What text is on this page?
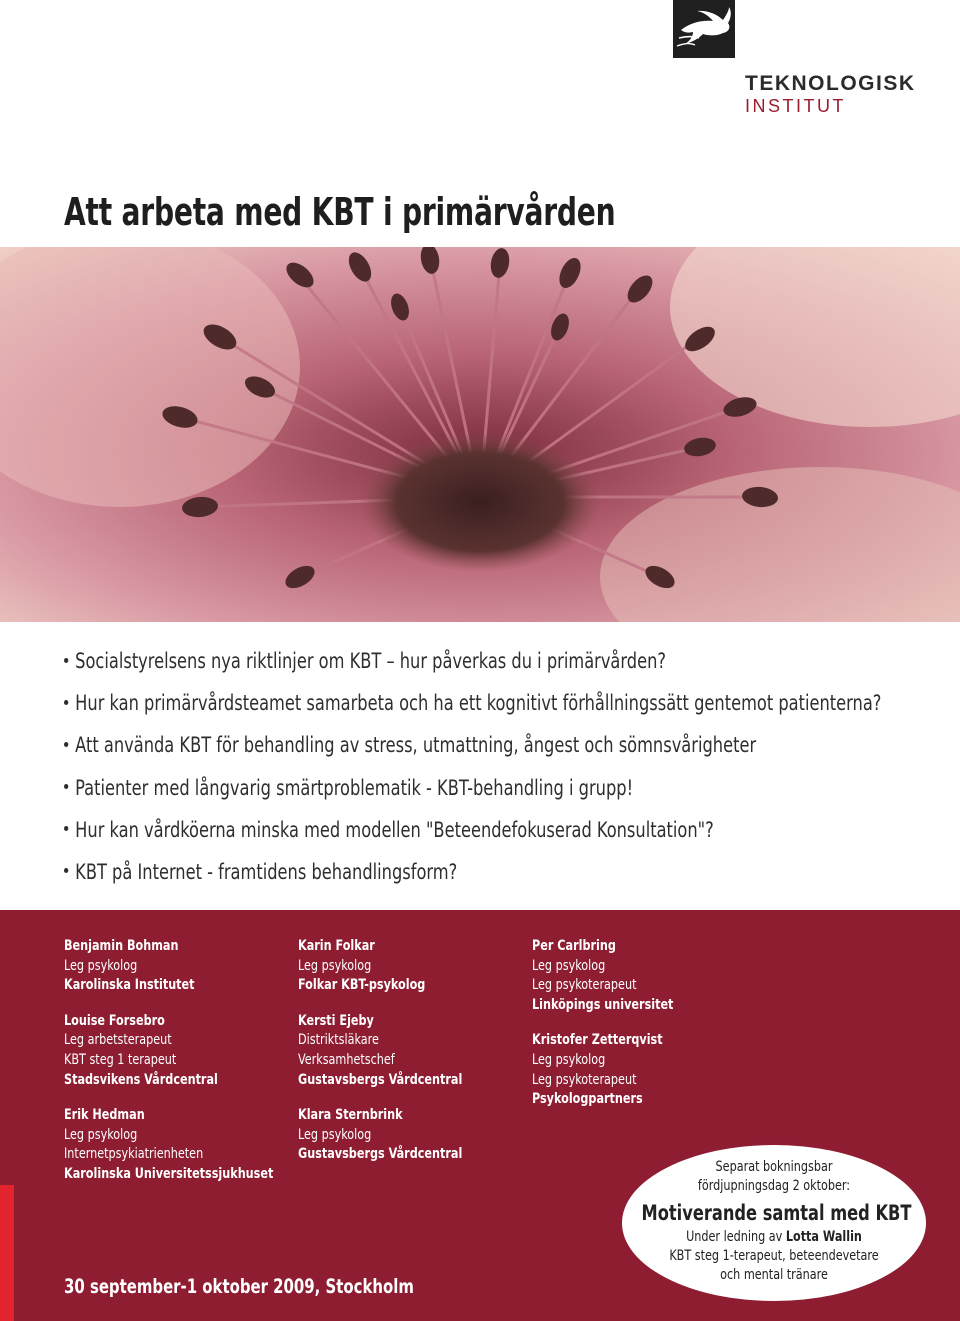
TEKNOLOGISK
INSTITUT
Att arbeta med KBT i primärvården
Socialstyrelsens nya riktlinjer om KBT – hur påverkas du i primärvården?
Hur kan primärvårdsteamet samarbeta och ha ett kognitivt förhållningssätt gentemot patienterna?
Att använda KBT för behandling av stress, utmattning, ångest och sömnsvårigheter
Patienter med långvarig smärtproblematik - KBT-behandling i grupp!
Hur kan vårdköerna minska med modellen "Beteendefokuserad Konsultation"?
KBT på Internet - framtidens behandlingsform?
Benjamin Bohman
Leg psykolog
Karolinska Institutet
Louise Forsebro
Leg arbetsterapeut
KBT steg 1 terapeut
Stadsvikens Vårdcentral
Erik Hedman
Leg psykolog
Internetpsykiatrienheten
Karolinska Universitetssjukhuset
Karin Folkar
Leg psykolog
Folkar KBT-psykolog
Kersti Ejeby
Distriktsläkare
Verksamhetschef
Gustavsbergs Vårdcentral
Klara Sternbrink
Leg psykolog
Gustavsbergs Vårdcentral
Per Carlbring
Leg psykolog
Leg psykoterapeut
Linköpings universitet
Kristofer Zetterqvist
Leg psykolog
Leg psykoterapeut
Psykologpartners
Separat bokningsbar
fördjupningsdag 2 oktober:
Motiverande samtal med KBT
Under ledning av Lotta Wallin
KBT steg 1-terapeut, beteendevetare
och mental tränare
30 september-1 oktober 2009, Stockholm
